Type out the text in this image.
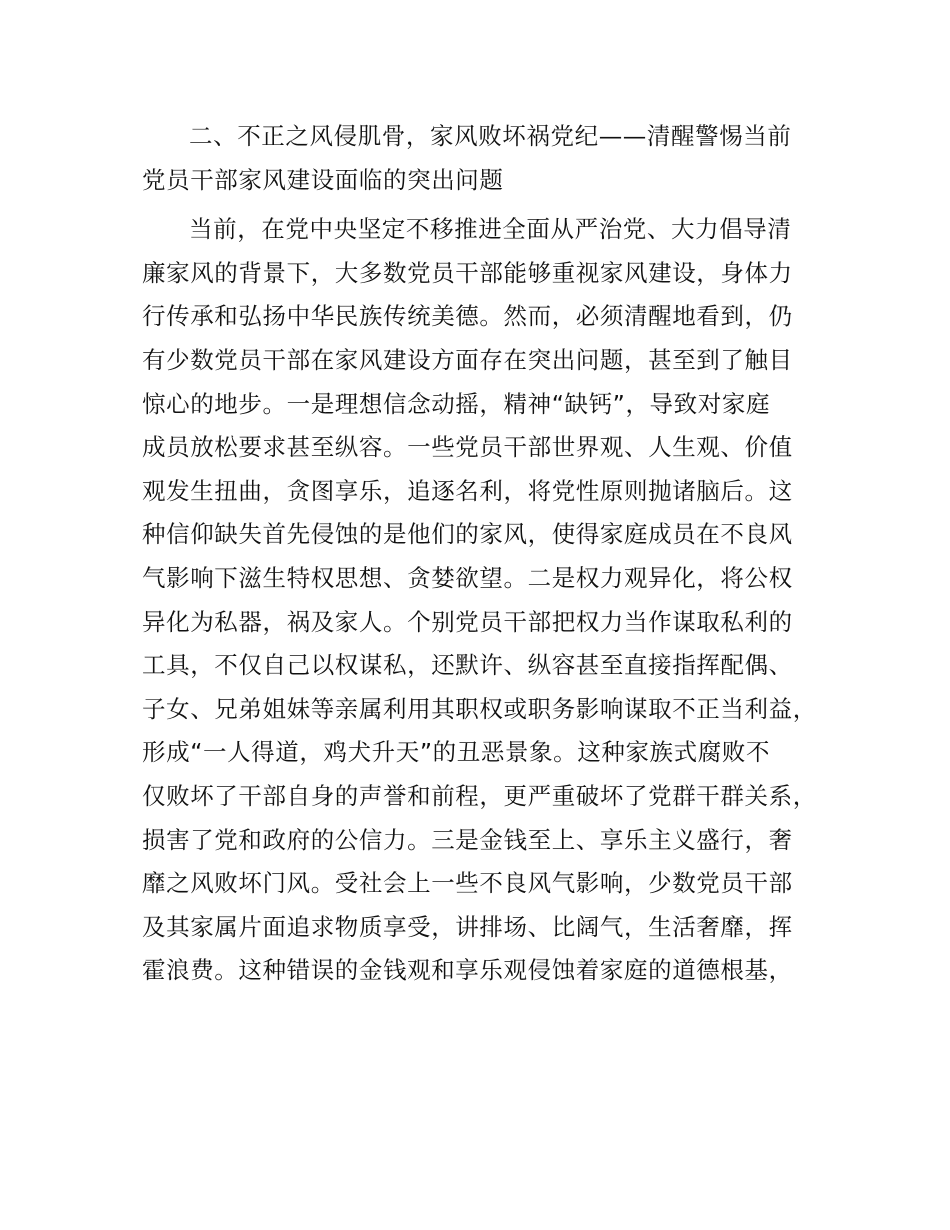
二、不正之风侵肌骨，家风败坏祸党纪——清醒警惕当前
党员干部家风建设面临的突出问题

当前，在党中央坚定不移推进全面从严治党、大力倡导清
廉家风的背景下，大多数党员干部能够重视家风建设，身体力
行传承和弘扬中华民族传统美德。然而，必须清醒地看到，仍
有少数党员干部在家风建设方面存在突出问题，甚至到了触目
惊心的地步。一是理想信念动摇，精神“缺钙”，导致对家庭
成员放松要求甚至纵容。一些党员干部世界观、人生观、价值
观发生扭曲，贪图享乐，追逐名利，将党性原则抛诸脑后。这
种信仰缺失首先侵蚀的是他们的家风，使得家庭成员在不良风
气影响下滋生特权思想、贪婪欲望。二是权力观异化，将公权
异化为私器，祸及家人。个别党员干部把权力当作谋取私利的
工具，不仅自己以权谋私，还默许、纵容甚至直接指挥配偶、
子女、兄弟姐妹等亲属利用其职权或职务影响谋取不正当利益，
形成“一人得道，鸡犬升天”的丑恶景象。这种家族式腐败不
仅败坏了干部自身的声誉和前程，更严重破坏了党群干群关系，
损害了党和政府的公信力。三是金钱至上、享乐主义盛行，奢
靡之风败坏门风。受社会上一些不良风气影响，少数党员干部
及其家属片面追求物质享受，讲排场、比阔气，生活奢靡，挥
霍浪费。这种错误的金钱观和享乐观侵蚀着家庭的道德根基，
